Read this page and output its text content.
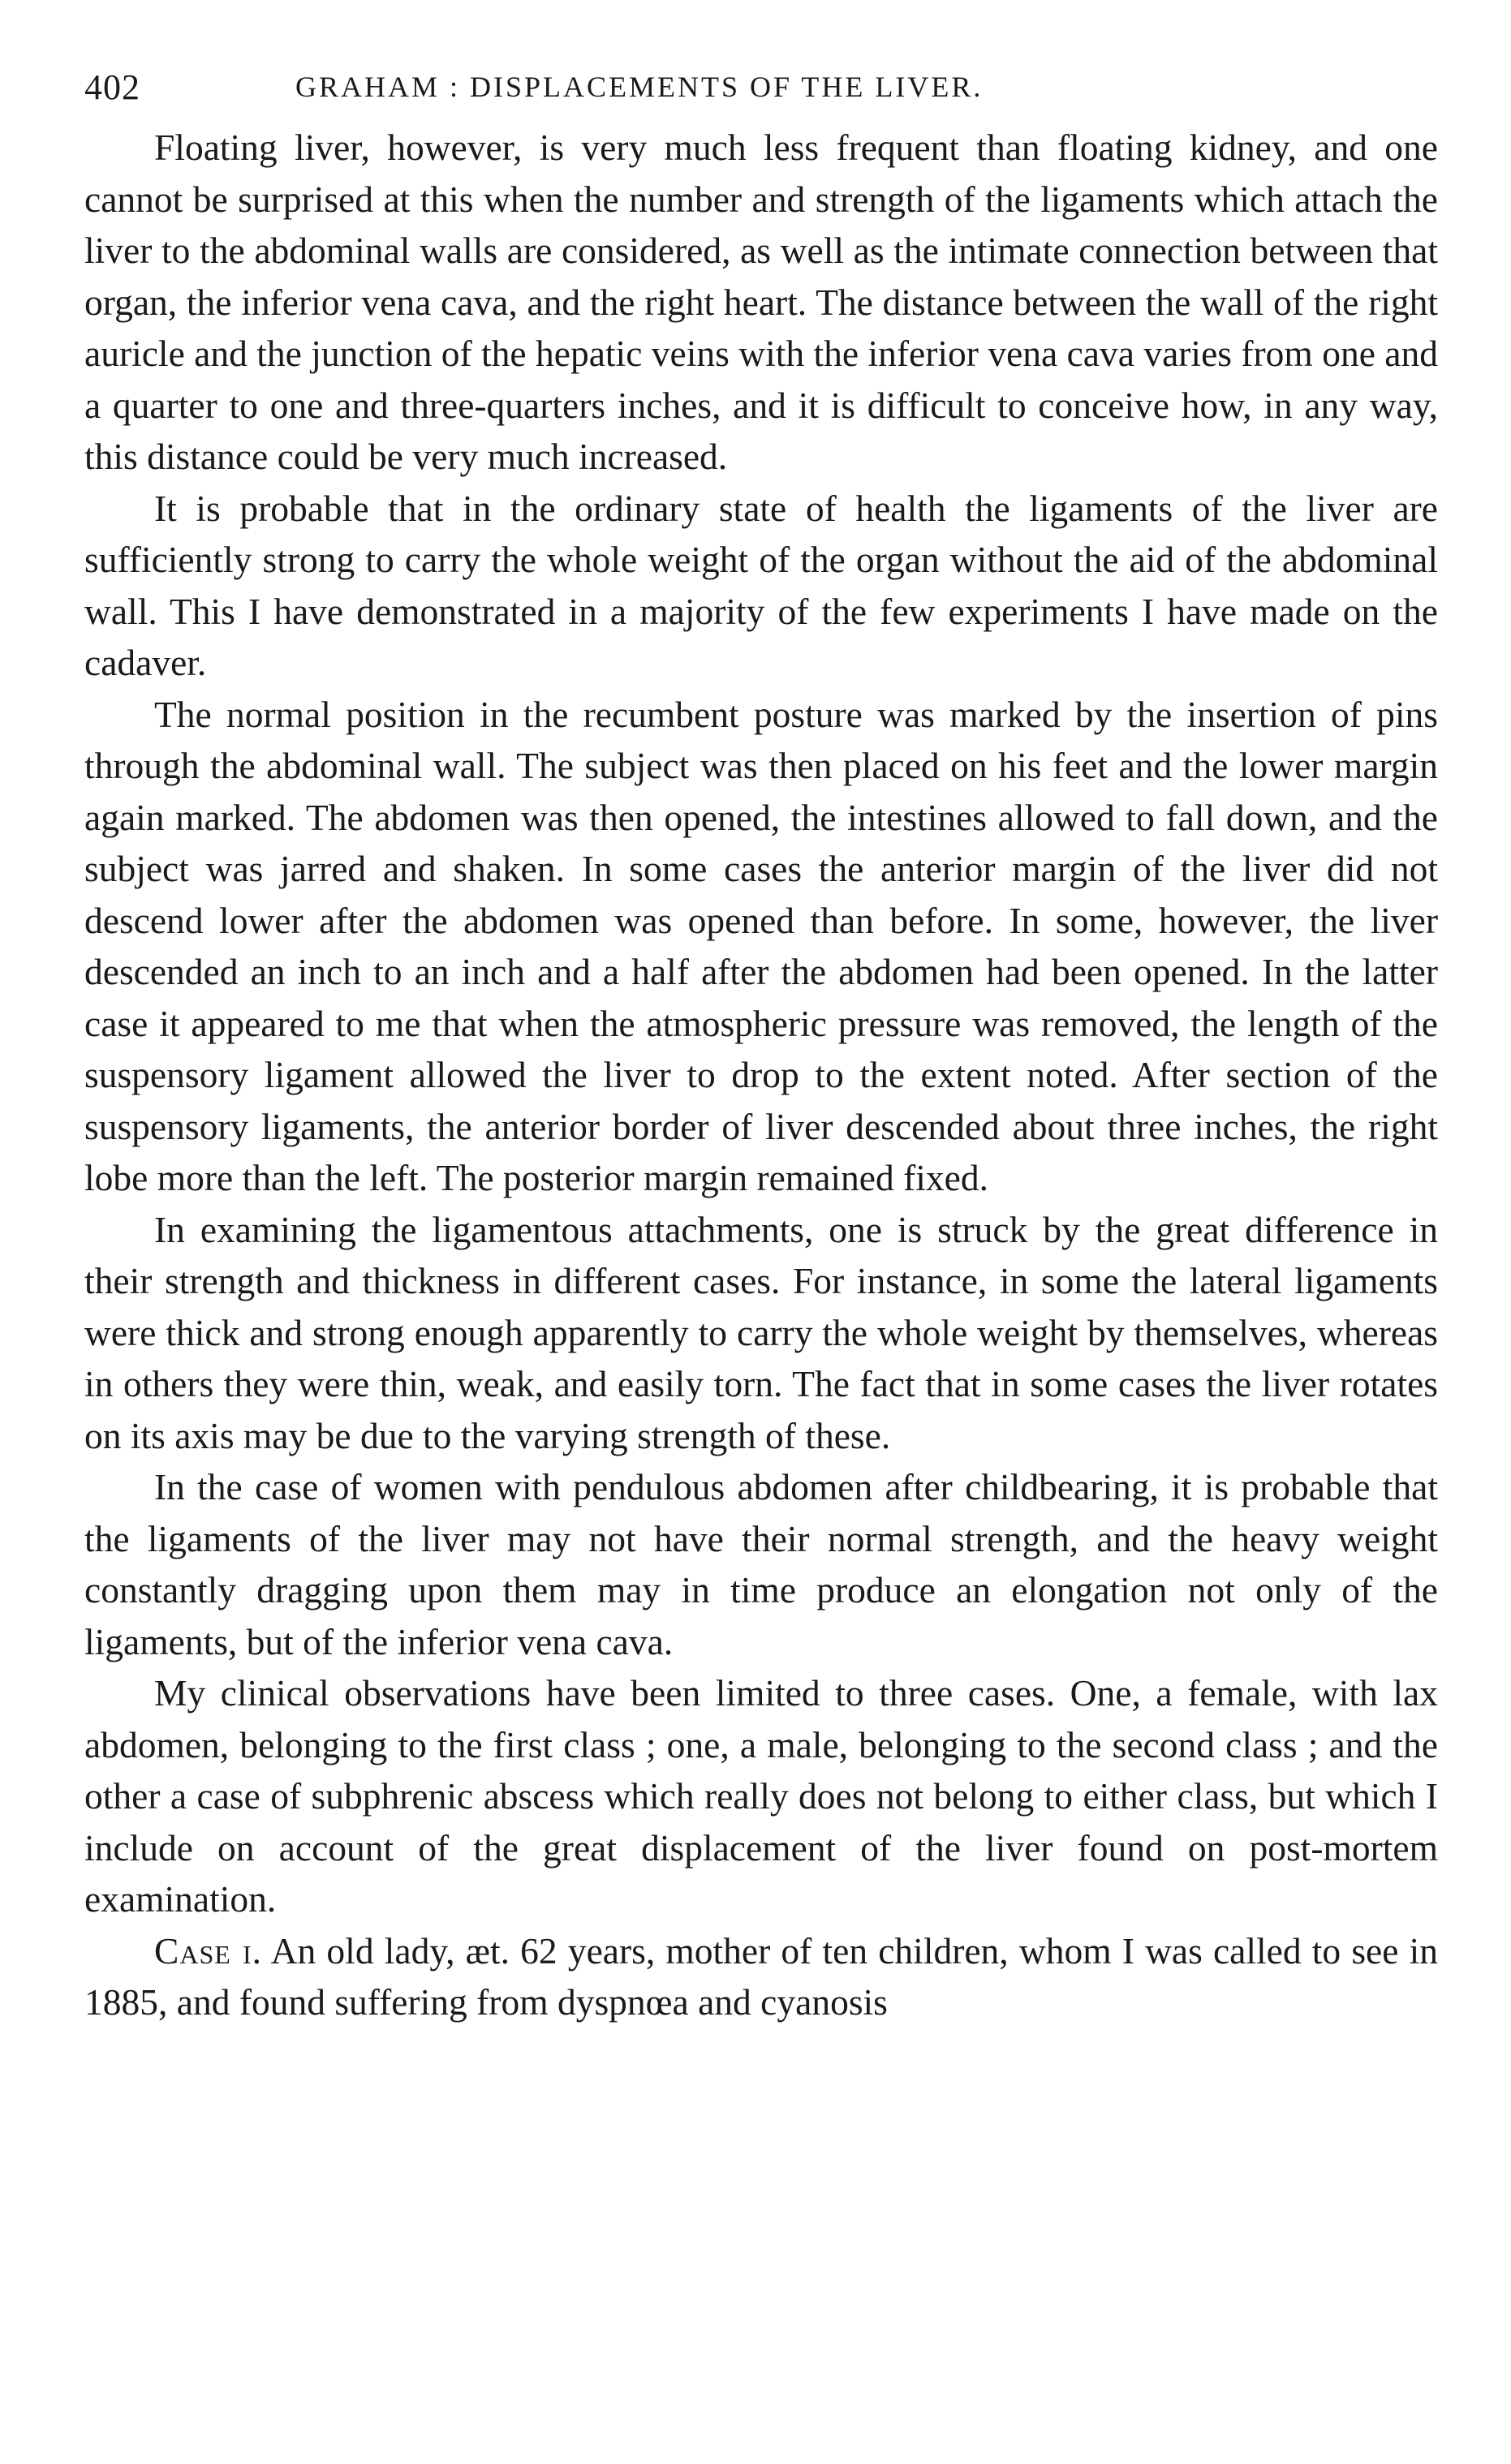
402	GRAHAM : DISPLACEMENTS OF THE LIVER.

Floating liver, however, is very much less frequent than floating kidney, and one cannot be surprised at this when the number and strength of the ligaments which attach the liver to the abdominal walls are considered, as well as the intimate connection between that organ, the inferior vena cava, and the right heart. The distance between the wall of the right auricle and the junction of the hepatic veins with the inferior vena cava varies from one and a quarter to one and three-quarters inches, and it is difficult to conceive how, in any way, this distance could be very much increased.

It is probable that in the ordinary state of health the ligaments of the liver are sufficiently strong to carry the whole weight of the organ without the aid of the abdominal wall. This I have demonstrated in a majority of the few experiments I have made on the cadaver.

The normal position in the recumbent posture was marked by the insertion of pins through the abdominal wall. The subject was then placed on his feet and the lower margin again marked. The abdomen was then opened, the intestines allowed to fall down, and the subject was jarred and shaken. In some cases the anterior margin of the liver did not descend lower after the abdomen was opened than before. In some, however, the liver descended an inch to an inch and a half after the abdomen had been opened. In the latter case it appeared to me that when the atmospheric pressure was removed, the length of the suspensory ligament allowed the liver to drop to the extent noted. After section of the suspensory ligaments, the anterior border of liver descended about three inches, the right lobe more than the left. The posterior margin remained fixed.

In examining the ligamentous attachments, one is struck by the great difference in their strength and thickness in different cases. For instance, in some the lateral ligaments were thick and strong enough apparently to carry the whole weight by themselves, whereas in others they were thin, weak, and easily torn. The fact that in some cases the liver rotates on its axis may be due to the varying strength of these.

In the case of women with pendulous abdomen after childbearing, it is probable that the ligaments of the liver may not have their normal strength, and the heavy weight constantly dragging upon them may in time produce an elongation not only of the ligaments, but of the inferior vena cava.

My clinical observations have been limited to three cases. One, a female, with lax abdomen, belonging to the first class ; one, a male, belonging to the second class ; and the other a case of subphrenic abscess which really does not belong to either class, but which I include on account of the great displacement of the liver found on post-mortem examination.

Case i. An old lady, æt. 62 years, mother of ten children, whom I was called to see in 1885, and found suffering from dyspnœa and cyanosis
